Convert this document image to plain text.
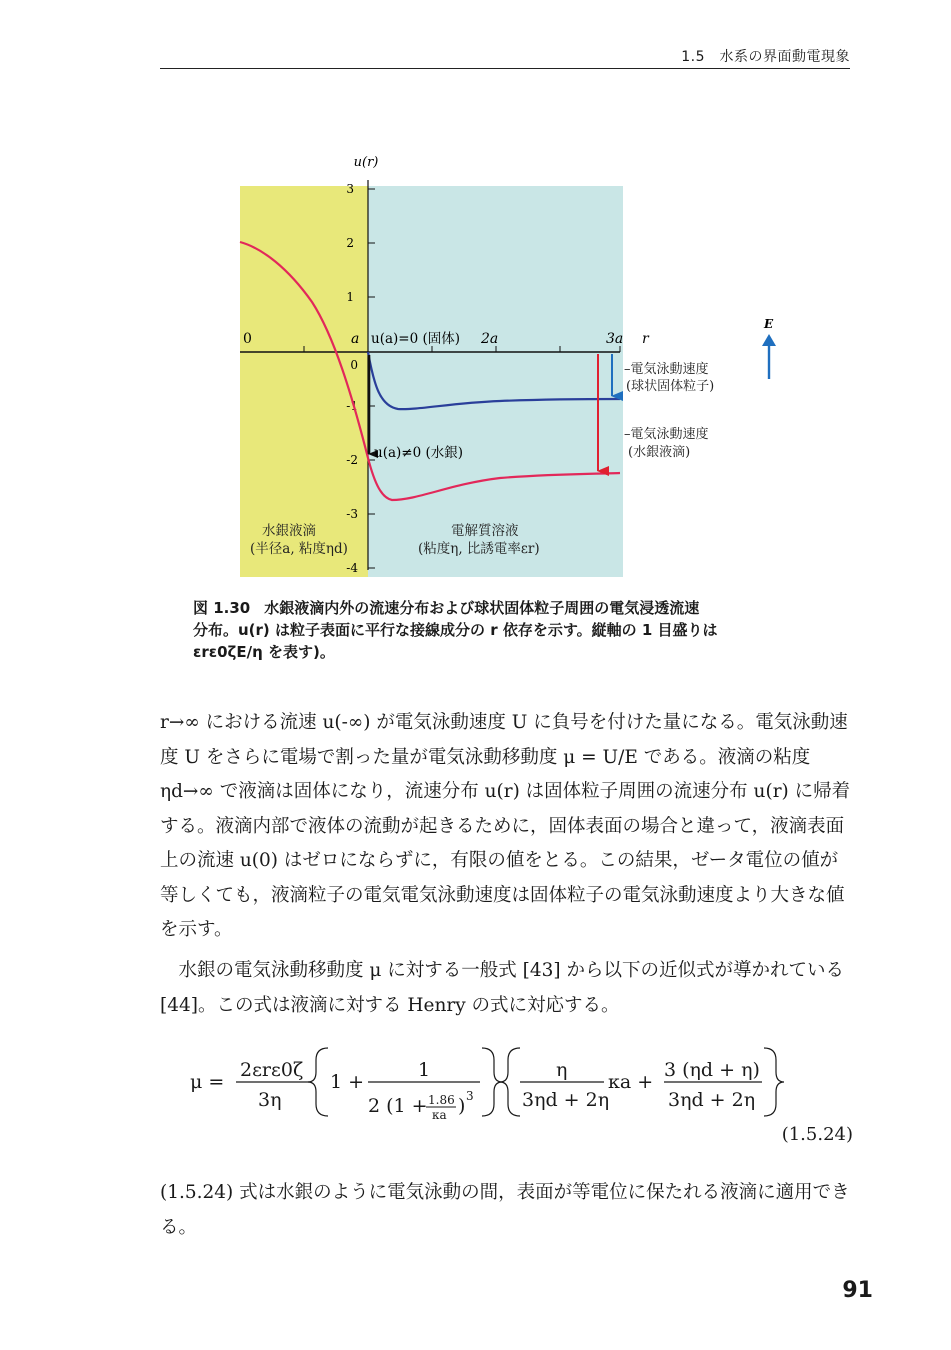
1.5　水系の界面動電現象
u(r)
3
2
1
0
-1
-2
-3
-4
0	a	2a	3a r
u(a)=0 (固体)
u(a)≠0 (水銀)
E
–電気泳動速度
(球状固体粒子)
–電気泳動速度
(水銀液滴)
水銀液滴
(半径a, 粘度ηd)
電解質溶液
(粘度η, 比誘電率εr)
図 1.30 水銀液滴内外の流速分布および球状固体粒子周囲の電気浸透流速
分布。u(r) は粒子表面に平行な接線成分の r 依存を示す。縦軸の 1 目盛りは
εrε0ζE/η を表す)。

r→∞ における流速 u(-∞) が電気泳動速度 U に負号を付けた量になる。電気泳動速度 U をさらに電場で割った量が電気泳動移動度 μ = U/E である。液滴の粘度 ηd→∞ で液滴は固体になり，流速分布 u(r) は固体粒子周囲の流速分布 u(r) に帰着する。液滴内部で液体の流動が起きるために，固体表面の場合と違って，液滴表面上の流速 u(0) はゼロにならずに，有限の値をとる。この結果，ゼータ電位の値が等しくても，液滴粒子の電気電気泳動速度は固体粒子の電気泳動速度より大きな値を示す。

水銀の電気泳動移動度 μ に対する一般式 [43] から以下の近似式が導かれている [44]。この式は液滴に対する Henry の式に対応する。

μ =
2εrε0ζ
3η
1 +
1
2 (1 + 1.86
κa ) 3
η
3ηd + 2η
κa +
3 (ηd + η)
3ηd + 2η
(1.5.24)

(1.5.24) 式は水銀のように電気泳動の間，表面が等電位に保たれる液滴に適用できる。

91
